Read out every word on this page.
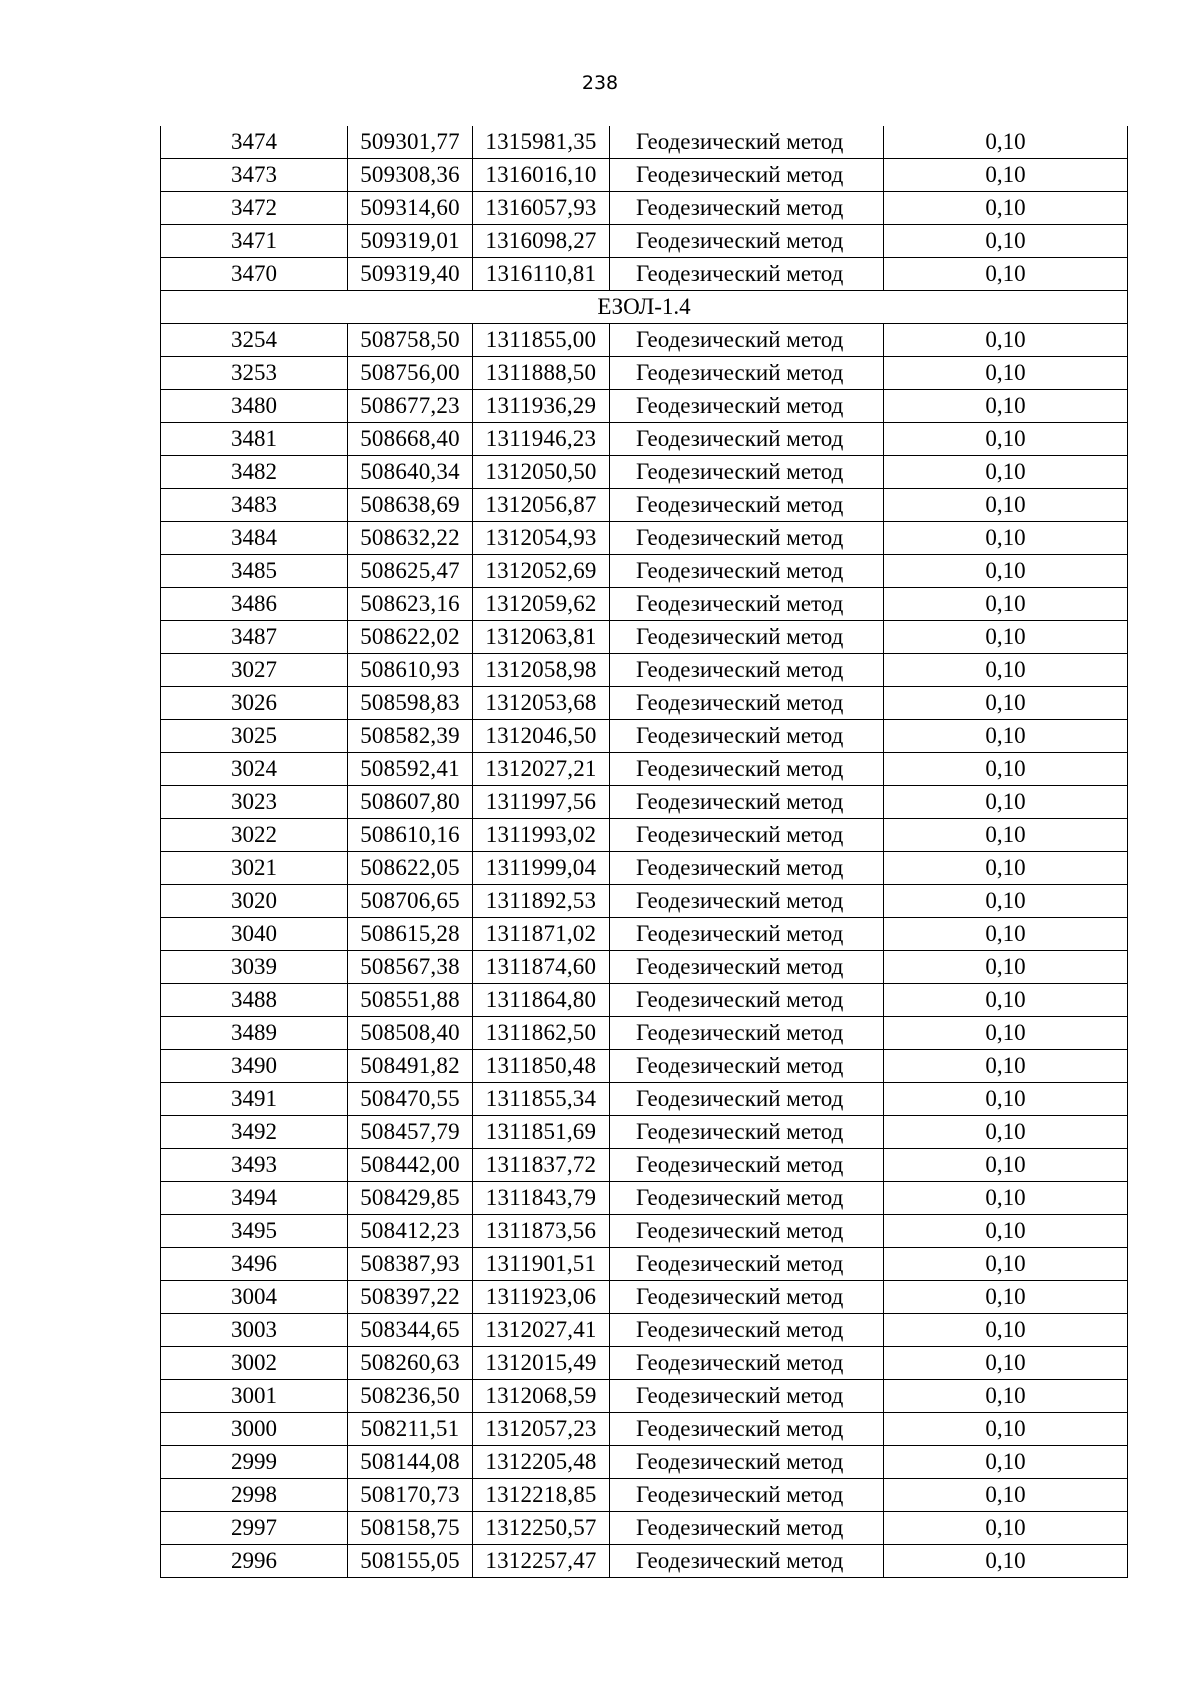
238
3474	509301,77	1315981,35	Геодезический метод	0,10
3473	509308,36	1316016,10	Геодезический метод	0,10
3472	509314,60	1316057,93	Геодезический метод	0,10
3471	509319,01	1316098,27	Геодезический метод	0,10
3470	509319,40	1316110,81	Геодезический метод	0,10
ЕЗОЛ-1.4				
3254	508758,50	1311855,00	Геодезический метод	0,10
3253	508756,00	1311888,50	Геодезический метод	0,10
3480	508677,23	1311936,29	Геодезический метод	0,10
3481	508668,40	1311946,23	Геодезический метод	0,10
3482	508640,34	1312050,50	Геодезический метод	0,10
3483	508638,69	1312056,87	Геодезический метод	0,10
3484	508632,22	1312054,93	Геодезический метод	0,10
3485	508625,47	1312052,69	Геодезический метод	0,10
3486	508623,16	1312059,62	Геодезический метод	0,10
3487	508622,02	1312063,81	Геодезический метод	0,10
3027	508610,93	1312058,98	Геодезический метод	0,10
3026	508598,83	1312053,68	Геодезический метод	0,10
3025	508582,39	1312046,50	Геодезический метод	0,10
3024	508592,41	1312027,21	Геодезический метод	0,10
3023	508607,80	1311997,56	Геодезический метод	0,10
3022	508610,16	1311993,02	Геодезический метод	0,10
3021	508622,05	1311999,04	Геодезический метод	0,10
3020	508706,65	1311892,53	Геодезический метод	0,10
3040	508615,28	1311871,02	Геодезический метод	0,10
3039	508567,38	1311874,60	Геодезический метод	0,10
3488	508551,88	1311864,80	Геодезический метод	0,10
3489	508508,40	1311862,50	Геодезический метод	0,10
3490	508491,82	1311850,48	Геодезический метод	0,10
3491	508470,55	1311855,34	Геодезический метод	0,10
3492	508457,79	1311851,69	Геодезический метод	0,10
3493	508442,00	1311837,72	Геодезический метод	0,10
3494	508429,85	1311843,79	Геодезический метод	0,10
3495	508412,23	1311873,56	Геодезический метод	0,10
3496	508387,93	1311901,51	Геодезический метод	0,10
3004	508397,22	1311923,06	Геодезический метод	0,10
3003	508344,65	1312027,41	Геодезический метод	0,10
3002	508260,63	1312015,49	Геодезический метод	0,10
3001	508236,50	1312068,59	Геодезический метод	0,10
3000	508211,51	1312057,23	Геодезический метод	0,10
2999	508144,08	1312205,48	Геодезический метод	0,10
2998	508170,73	1312218,85	Геодезический метод	0,10
2997	508158,75	1312250,57	Геодезический метод	0,10
2996	508155,05	1312257,47	Геодезический метод	0,10
